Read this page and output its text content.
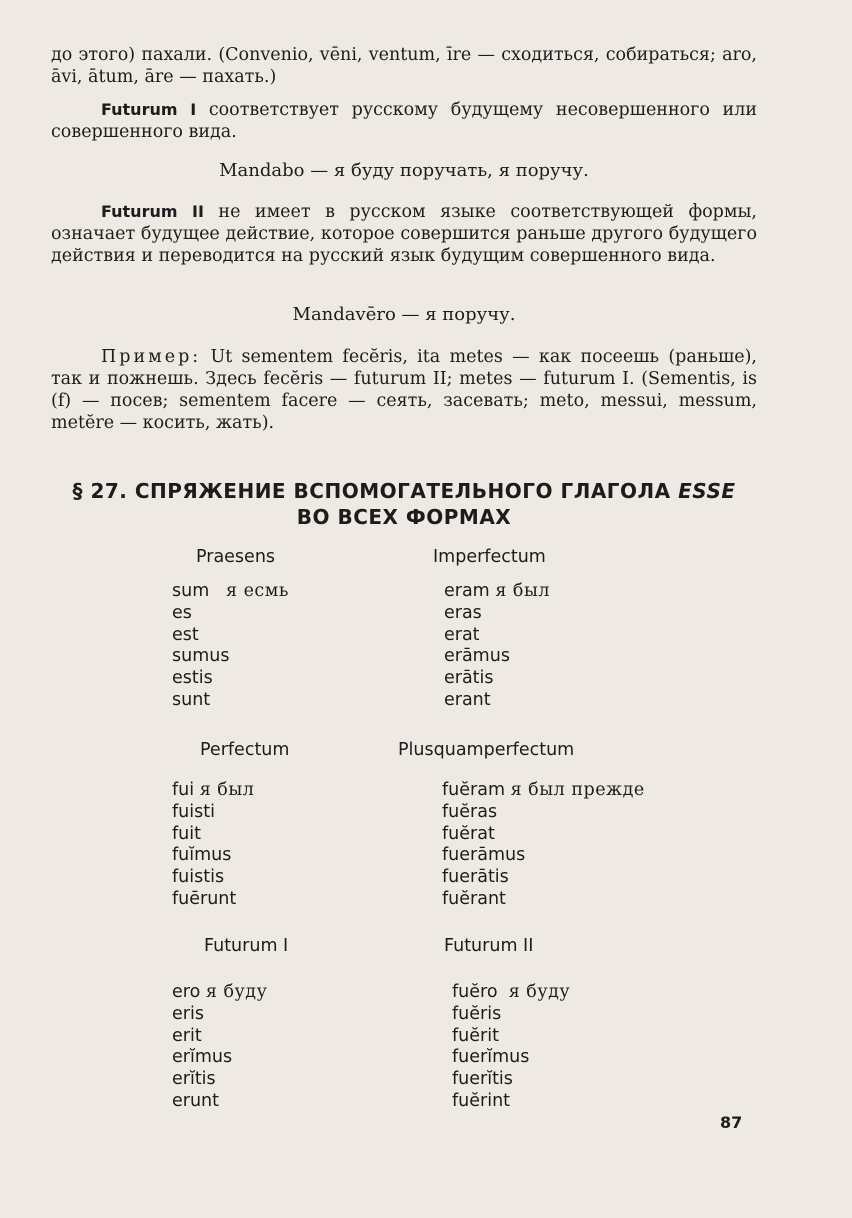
до этого) пахали. (Convenio, vēni, ventum, īre — сходиться, собираться; aro, āvi, ātum, āre — пахать.)

Futurum I соответствует русскому будущему несовершенного или совершенного вида.

Mandabo — я буду поручать, я поручу.

Futurum II не имеет в русском языке соответствующей формы, означает будущее действие, которое совершится раньше другого будущего действия и переводится на русский язык будущим совершенного вида.

Mandavēro — я поручу.

Пример: Ut sementem fecĕris, ita metes — как посеешь (раньше), так и пожнешь. Здесь fecĕris — futurum II; metes — futurum I. (Sementis, is (f) — посев; sementem facere — сеять, засевать; meto, messui, messum, metĕre — косить, жать).

§ 27. СПРЯЖЕНИЕ ВСПОМОГАТЕЛЬНОГО ГЛАГОЛА ESSE
ВО ВСЕХ ФОРМАХ
Praesens
sum я есмь
es
est
sumus
estis
sunt
Imperfectum
eram я был
eras
erat
erāmus
erātis
erant
Perfectum
fui я был
fuisti
fuit
fuĭmus
fuistis
fuērunt
Plusquamperfectum
fuĕram я был прежде
fuĕras
fuĕrat
fuerāmus
fuerātis
fuĕrant
Futurum I
ero я буду
eris
erit
erĭmus
erĭtis
erunt
Futurum II
fuĕro я буду
fuĕris
fuĕrit
fuerĭmus
fuerĭtis
fuĕrint
87
